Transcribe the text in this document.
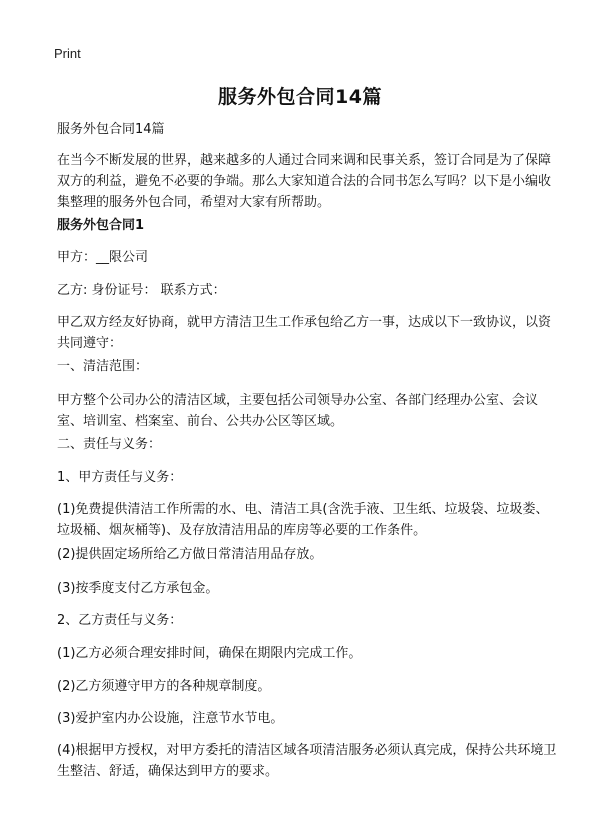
Print
服务外包合同14篇

服务外包合同14篇

在当今不断发展的世界，越来越多的人通过合同来调和民事关系，签订合同是为了保障双方的利益，避免不必要的争端。那么大家知道合法的合同书怎么写吗？以下是小编收集整理的服务外包合同，希望对大家有所帮助。

服务外包合同1

甲方：__限公司

乙方: 身份证号： 联系方式：

甲乙双方经友好协商，就甲方清洁卫生工作承包给乙方一事，达成以下一致协议，以资共同遵守：

一、清洁范围：

甲方整个公司办公的清洁区域，主要包括公司领导办公室、各部门经理办公室、会议室、培训室、档案室、前台、公共办公区等区域。

二、责任与义务：

1、甲方责任与义务：

(1)免费提供清洁工作所需的水、电、清洁工具(含洗手液、卫生纸、垃圾袋、垃圾娄、垃圾桶、烟灰桶等)、及存放清洁用品的库房等必要的工作条件。

(2)提供固定场所给乙方做日常清洁用品存放。

(3)按季度支付乙方承包金。

2、乙方责任与义务：

(1)乙方必须合理安排时间，确保在期限内完成工作。

(2)乙方须遵守甲方的各种规章制度。

(3)爱护室内办公设施，注意节水节电。

(4)根据甲方授权，对甲方委托的清洁区域各项清洁服务必须认真完成，保持公共环境卫生整洁、舒适，确保达到甲方的要求。
